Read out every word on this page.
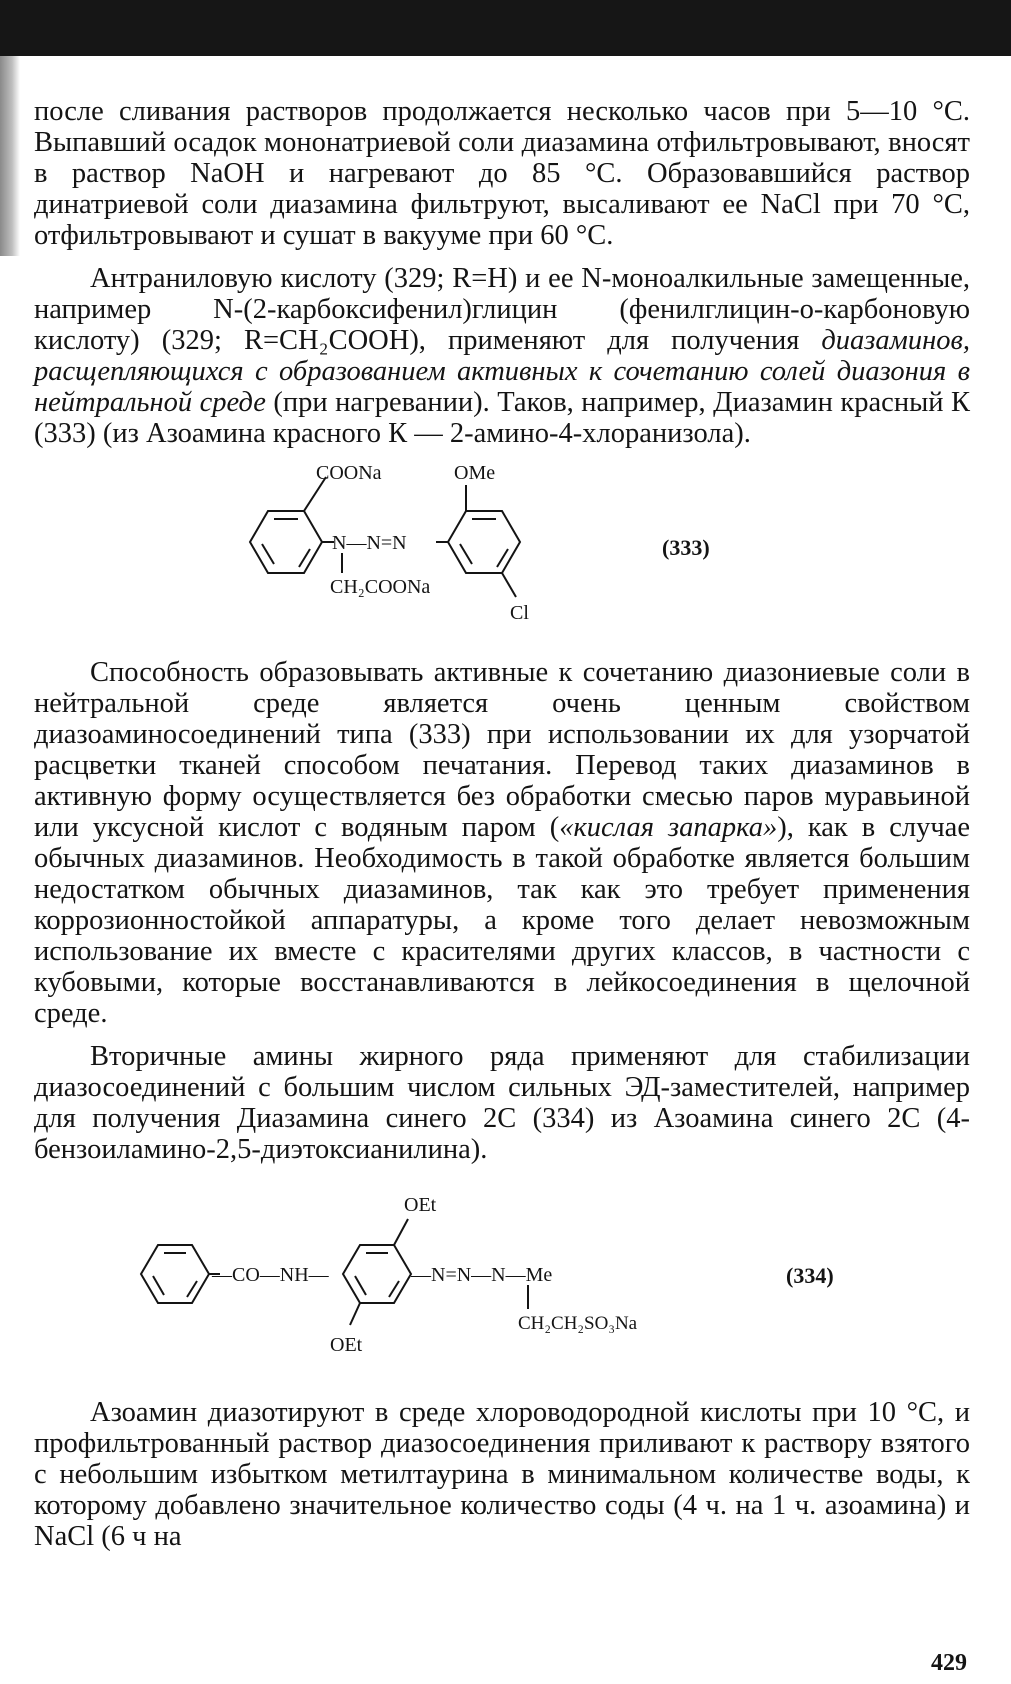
после сливания растворов продолжается несколько часов при 5—10 °С. Выпавший осадок мононатриевой соли диазамина отфильтровывают, вносят в раствор NaOH и нагревают до 85 °С. Образовавшийся раствор динатриевой соли диазамина фильтруют, высаливают ее NaCl при 70 °С, отфильтровывают и сушат в вакууме при 60 °С.

Антраниловую кислоту (329; R=H) и ее N-моноалкильные замещенные, например N-(2-карбоксифенил)глицин (фенилглицин-о-карбоновую кислоту) (329; R=CH₂COOH), применяют для получения диазаминов, расщепляющихся с образованием активных к сочетанию солей диазония в нейтральной среде (при нагревании). Таков, например, Диазамин красный К (333) (из Азоамина красного К — 2-амино-4-хлоранизола).

COONa	OMe
N—N=N
CH₂COONa
Cl
(333)

Способность образовывать активные к сочетанию диазониевые соли в нейтральной среде является очень ценным свойством диазоаминосоединений типа (333) при использовании их для узорчатой расцветки тканей способом печатания. Перевод таких диазаминов в активную форму осуществляется без обработки смесью паров муравьиной или уксусной кислот с водяным паром («кислая запарка»), как в случае обычных диазаминов. Необходимость в такой обработке является большим недостатком обычных диазаминов, так как это требует применения коррозионностойкой аппаратуры, а кроме того делает невозможным использование их вместе с красителями других классов, в частности с кубовыми, которые восстанавливаются в лейкосоединения в щелочной среде.

Вторичные амины жирного ряда применяют для стабилизации диазосоединений с большим числом сильных ЭД-заместителей, например для получения Диазамина синего 2С (334) из Азоамина синего 2С (4-бензоиламино-2,5-диэтоксианилина).

OEt
—CO—NH—	—N=N—N—Me
CH₂CH₂SO₃Na
OEt
(334)

Азоамин диазотируют в среде хлороводородной кислоты при 10 °С, и профильтрованный раствор диазосоединения приливают к раствору взятого с небольшим избытком метилтаурина в минимальном количестве воды, к которому добавлено значительное количество соды (4 ч. на 1 ч. азоамина) и NaCl (6 ч на

429
